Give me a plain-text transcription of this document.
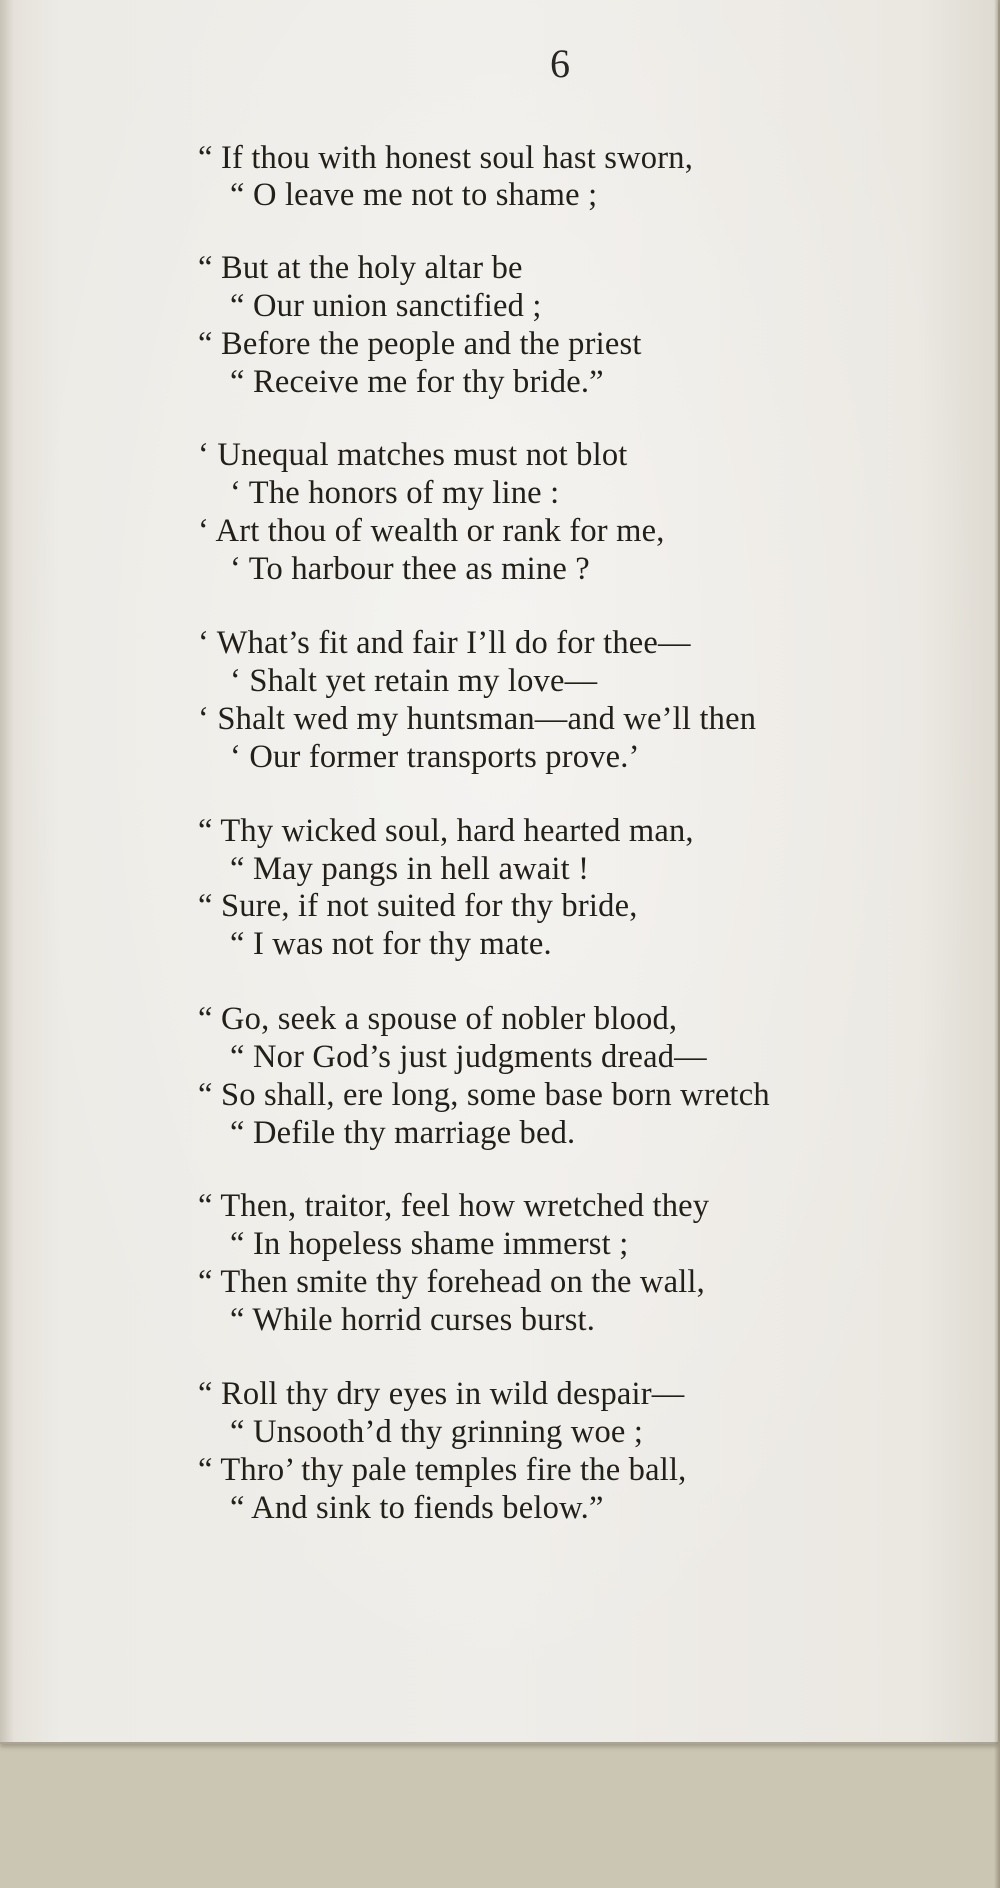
6
“ If thou with honest soul hast sworn,
“ O leave me not to shame ;
“ But at the holy altar be
“ Our union sanctified ;
“ Before the people and the priest
“ Receive me for thy bride.”
‘ Unequal matches must not blot
‘ The honors of my line :
‘ Art thou of wealth or rank for me,
‘ To harbour thee as mine ?
‘ What’s fit and fair I’ll do for thee—
‘ Shalt yet retain my love—
‘ Shalt wed my huntsman—and we’ll then
‘ Our former transports prove.’
“ Thy wicked soul, hard hearted man,
“ May pangs in hell await !
“ Sure, if not suited for thy bride,
“ I was not for thy mate.
“ Go, seek a spouse of nobler blood,
“ Nor God’s just judgments dread—
“ So shall, ere long, some base born wretch
“ Defile thy marriage bed.
“ Then, traitor, feel how wretched they
“ In hopeless shame immerst ;
“ Then smite thy forehead on the wall,
“ While horrid curses burst.
“ Roll thy dry eyes in wild despair—
“ Unsooth’d thy grinning woe ;
“ Thro’ thy pale temples fire the ball,
“ And sink to fiends below.”
